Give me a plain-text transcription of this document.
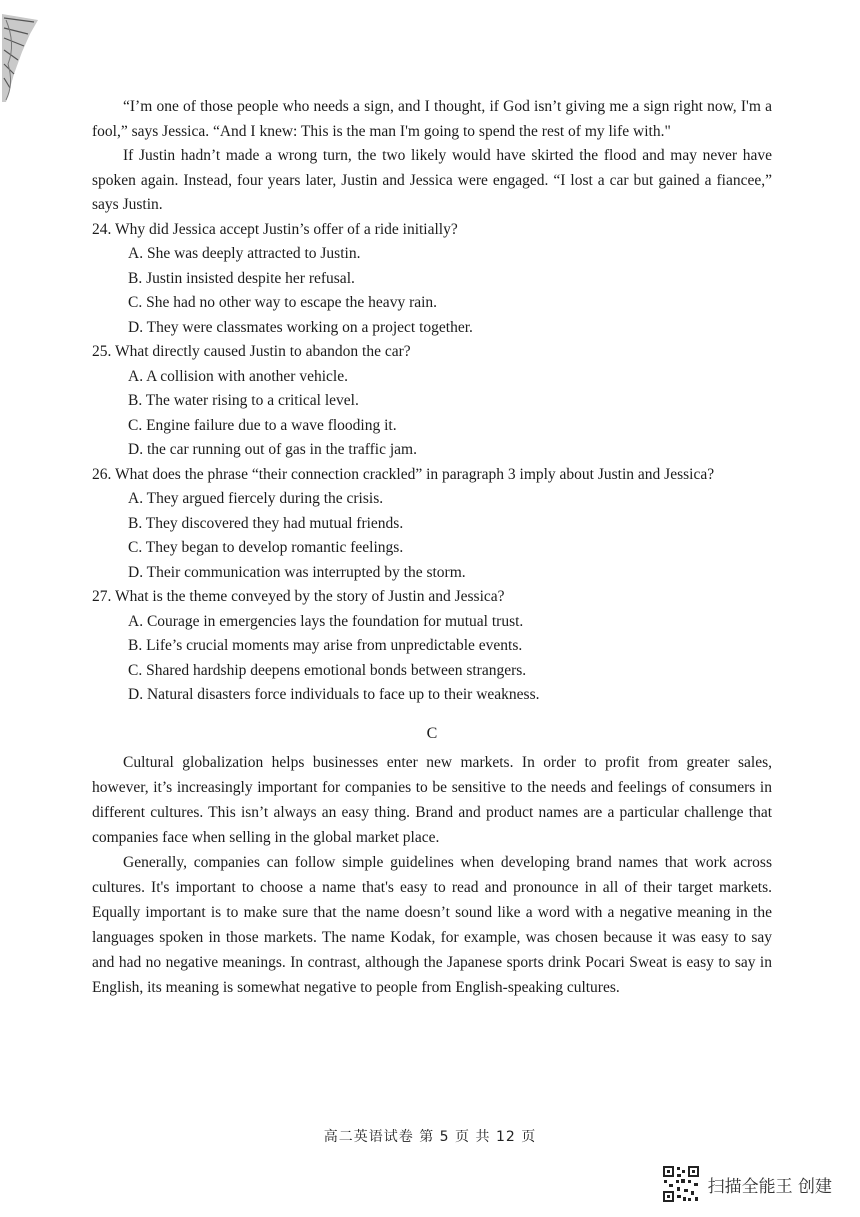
“I’m one of those people who needs a sign, and I thought, if God isn’t giving me a sign right now, I'm a fool,” says Jessica. “And I knew: This is the man I'm going to spend the rest of my life with."

If Justin hadn’t made a wrong turn, the two likely would have skirted the flood and may never have spoken again. Instead, four years later, Justin and Jessica were engaged. “I lost a car but gained a fiancee,” says Justin.

24. Why did Jessica accept Justin’s offer of a ride initially?

A. She was deeply attracted to Justin.

B. Justin insisted despite her refusal.

C. She had no other way to escape the heavy rain.

D. They were classmates working on a project together.

25. What directly caused Justin to abandon the car?

A. A collision with another vehicle.

B. The water rising to a critical level.

C. Engine failure due to a wave flooding it.

D. the car running out of gas in the traffic jam.

26. What does the phrase “their connection crackled” in paragraph 3 imply about Justin and Jessica?

A. They argued fiercely during the crisis.

B. They discovered they had mutual friends.

C. They began to develop romantic feelings.

D. Their communication was interrupted by the storm.

27. What is the theme conveyed by the story of Justin and Jessica?

A. Courage in emergencies lays the foundation for mutual trust.

B. Life’s crucial moments may arise from unpredictable events.

C. Shared hardship deepens emotional bonds between strangers.

D. Natural disasters force individuals to face up to their weakness.

C

Cultural globalization helps businesses enter new markets. In order to profit from greater sales, however, it’s increasingly important for companies to be sensitive to the needs and feelings of consumers in different cultures. This isn’t always an easy thing. Brand and product names are a particular challenge that companies face when selling in the global market place.

Generally, companies can follow simple guidelines when developing brand names that work across cultures. It's important to choose a name that's easy to read and pronounce in all of their target markets. Equally important is to make sure that the name doesn’t sound like a word with a negative meaning in the languages spoken in those markets. The name Kodak, for example, was chosen because it was easy to say and had no negative meanings. In contrast, although the Japanese sports drink Pocari Sweat is easy to say in English, its meaning is somewhat negative to people from English-speaking cultures.

高二英语试卷 第 5 页 共 12 页
扫描全能王 创建
